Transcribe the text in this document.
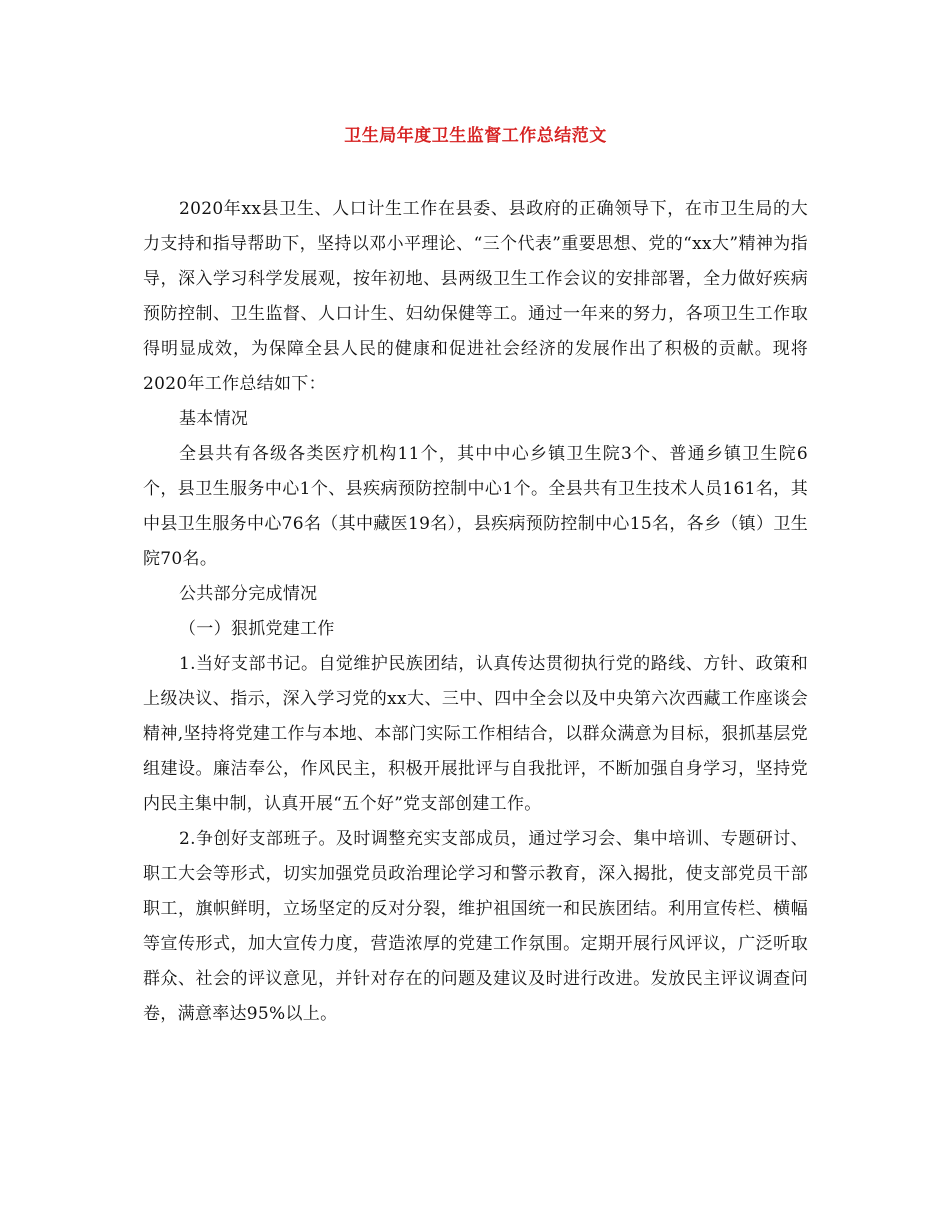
卫生局年度卫生监督工作总结范文

2020年xx县卫生、人口计生工作在县委、县政府的正确领导下，在市卫生局的大力支持和指导帮助下，坚持以邓小平理论、“三个代表”重要思想、党的“xx大”精神为指导，深入学习科学发展观，按年初地、县两级卫生工作会议的安排部署，全力做好疾病预防控制、卫生监督、人口计生、妇幼保健等工。通过一年来的努力，各项卫生工作取得明显成效，为保障全县人民的健康和促进社会经济的发展作出了积极的贡献。现将2020年工作总结如下：

基本情况

全县共有各级各类医疗机构11个，其中中心乡镇卫生院3个、普通乡镇卫生院6个，县卫生服务中心1个、县疾病预防控制中心1个。全县共有卫生技术人员161名，其中县卫生服务中心76名（其中藏医19名），县疾病预防控制中心15名，各乡（镇）卫生院70名。

公共部分完成情况

（一）狠抓党建工作

1.当好支部书记。自觉维护民族团结，认真传达贯彻执行党的路线、方针、政策和上级决议、指示，深入学习党的xx大、三中、四中全会以及中央第六次西藏工作座谈会精神,坚持将党建工作与本地、本部门实际工作相结合，以群众满意为目标，狠抓基层党组建设。廉洁奉公，作风民主，积极开展批评与自我批评，不断加强自身学习，坚持党内民主集中制，认真开展“五个好”党支部创建工作。

2.争创好支部班子。及时调整充实支部成员，通过学习会、集中培训、专题研讨、职工大会等形式，切实加强党员政治理论学习和警示教育，深入揭批，使支部党员干部职工，旗帜鲜明，立场坚定的反对分裂，维护祖国统一和民族团结。利用宣传栏、横幅等宣传形式，加大宣传力度，营造浓厚的党建工作氛围。定期开展行风评议，广泛听取群众、社会的评议意见，并针对存在的问题及建议及时进行改进。发放民主评议调查问卷，满意率达95%以上。
